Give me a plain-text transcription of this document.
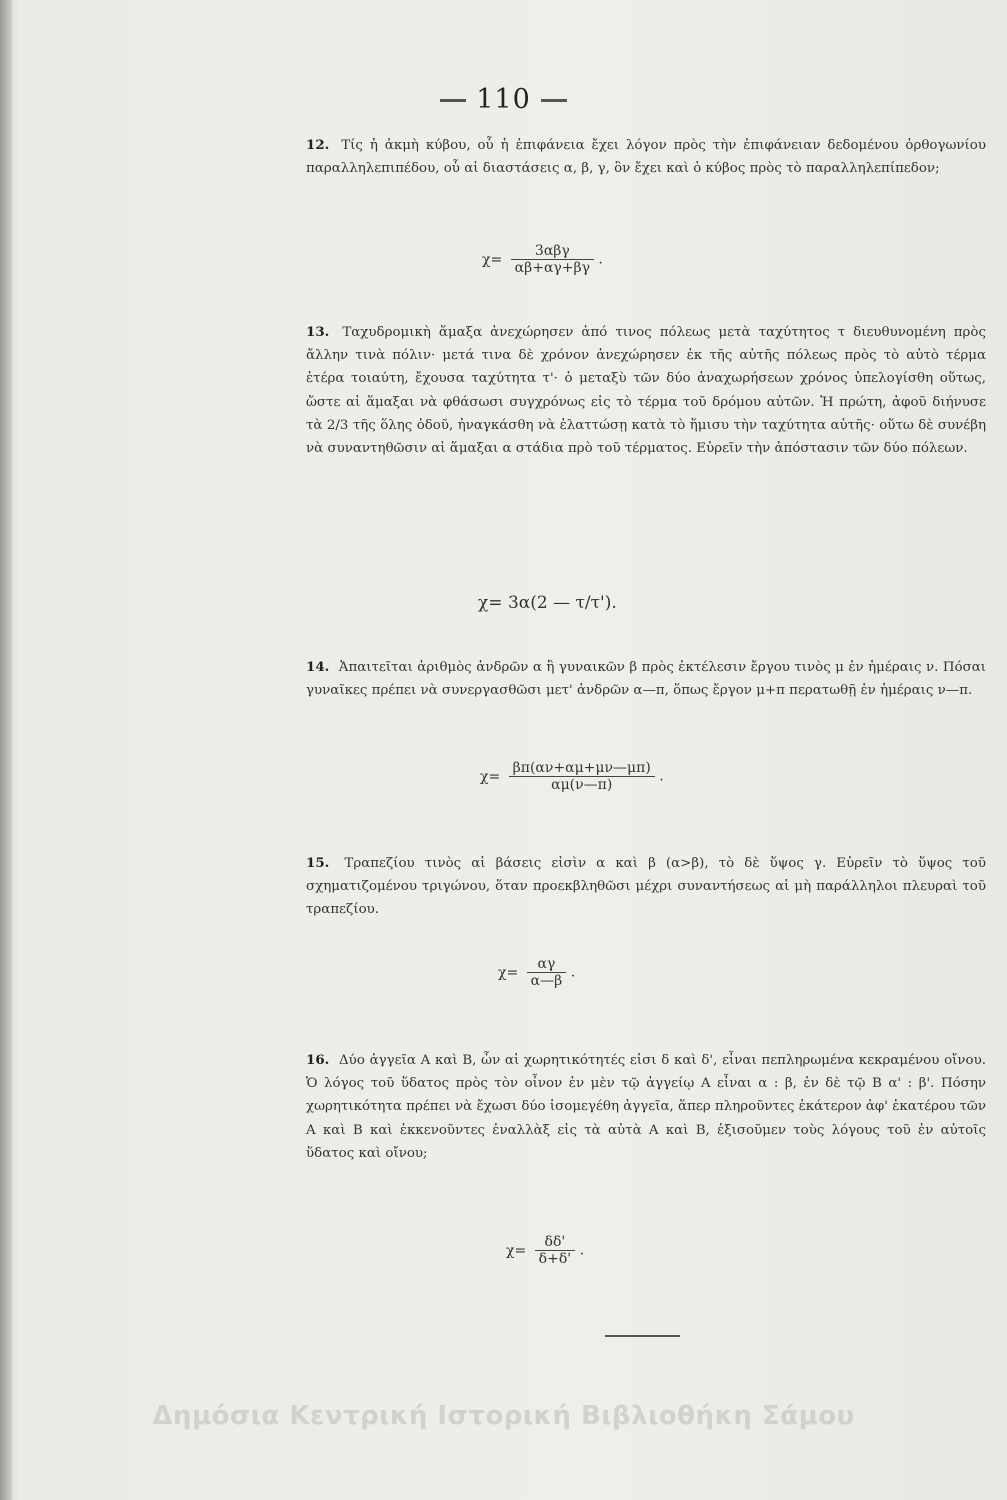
110
12. Τίς ἡ ἀκμὴ κύβου, οὗ ἡ ἐπιφάνεια ἔχει λόγον πρὸς τὴν ἐπιφάνειαν δεδομένου ὀρθογωνίου παραλληλεπιπέδου, οὗ αἱ διαστάσεις α, β, γ, ὃν ἔχει καὶ ὁ κύβος πρὸς τὸ παραλληλεπίπεδον;
$\chi= \frac{\text{3αβγ}}{\alpha\beta+\alpha\gamma+\beta\gamma}$ .
13. Ταχυδρομικὴ ἅμαξα ἀνεχώρησεν ἀπό τινος πόλεως μετὰ ταχύτητος τ διευθυνομένη πρὸς ἄλλην τινὰ πόλιν· μετά τινα δὲ χρόνον ἀνεχώρησεν ἐκ τῆς αὐτῆς πόλεως πρὸς τὸ αὐτὸ τέρμα ἑτέρα τοιαύτη, ἔχουσα ταχύτητα τ'· ὁ μεταξὺ τῶν δύο ἀναχωρήσεων χρόνος ὑπελογίσθη οὕτως, ὥστε αἱ ἅμαξαι νὰ φθάσωσι συγχρόνως εἰς τὸ τέρμα τοῦ δρόμου αὐτῶν. Ἡ πρώτη, ἀφοῦ διήνυσε τὰ 2/3 τῆς ὅλης ὁδοῦ, ἠναγκάσθη νὰ ἐλαττώσῃ κατὰ τὸ ἥμισυ τὴν ταχύτητα αὐτῆς· οὕτω δὲ συνέβη νὰ συναντηθῶσιν αἱ ἅμαξαι α στάδια πρὸ τοῦ τέρματος. Εὑρεῖν τὴν ἀπόστασιν τῶν δύο πόλεων.
χ= 3α(2 — τ/τ').
14. Ἀπαιτεῖται ἀριθμὸς ἀνδρῶν α ἢ γυναικῶν β πρὸς ἐκτέλεσιν ἔργου τινὸς μ ἐν ἡμέραις ν. Πόσαι γυναῖκες πρέπει νὰ συνεργασθῶσι μετ' ἀνδρῶν α—π, ὅπως ἔργον μ+π περατωθῇ ἐν ἡμέραις ν—π.
$\chi= \frac{\beta\pi(\alpha\nu+\alpha\mu+\mu\nu—\mu\pi)}{\alpha\mu(\nu—\pi)}$ .
15. Τραπεζίου τινὸς αἱ βάσεις εἰσὶν α καὶ β (α>β), τὸ δὲ ὕψος γ. Εὑρεῖν τὸ ὕψος τοῦ σχηματιζομένου τριγώνου, ὅταν προεκβληθῶσι μέχρι συναντήσεως αἱ μὴ παράλληλοι πλευραὶ τοῦ τραπεζίου.
$\chi= \frac{\alpha\gamma}{\alpha—\beta}$ .
16. Δύο ἀγγεῖα Α καὶ Β, ὧν αἱ χωρητικότητές εἰσι δ καὶ δ', εἶναι πεπληρωμένα κεκραμένου οἴνου. Ὁ λόγος τοῦ ὕδατος πρὸς τὸν οἶνον ἐν μὲν τῷ ἀγγείῳ Α εἶναι α : β, ἐν δὲ τῷ Β α' : β'. Πόσην χωρητικότητα πρέπει νὰ ἔχωσι δύο ἰσομεγέθη ἀγγεῖα, ἅπερ πληροῦντες ἑκάτερον ἀφ' ἑκατέρου τῶν Α καὶ Β καὶ ἐκκενοῦντες ἐναλλὰξ εἰς τὰ αὐτὰ Α καὶ Β, ἐξισοῦμεν τοὺς λόγους τοῦ ἐν αὐτοῖς ὕδατος καὶ οἴνου;
$\chi= \frac{\delta\delta'}{\delta+\delta'}$ .
Δημόσια Κεντρική Ιστορική Βιβλιοθήκη Σάμου
